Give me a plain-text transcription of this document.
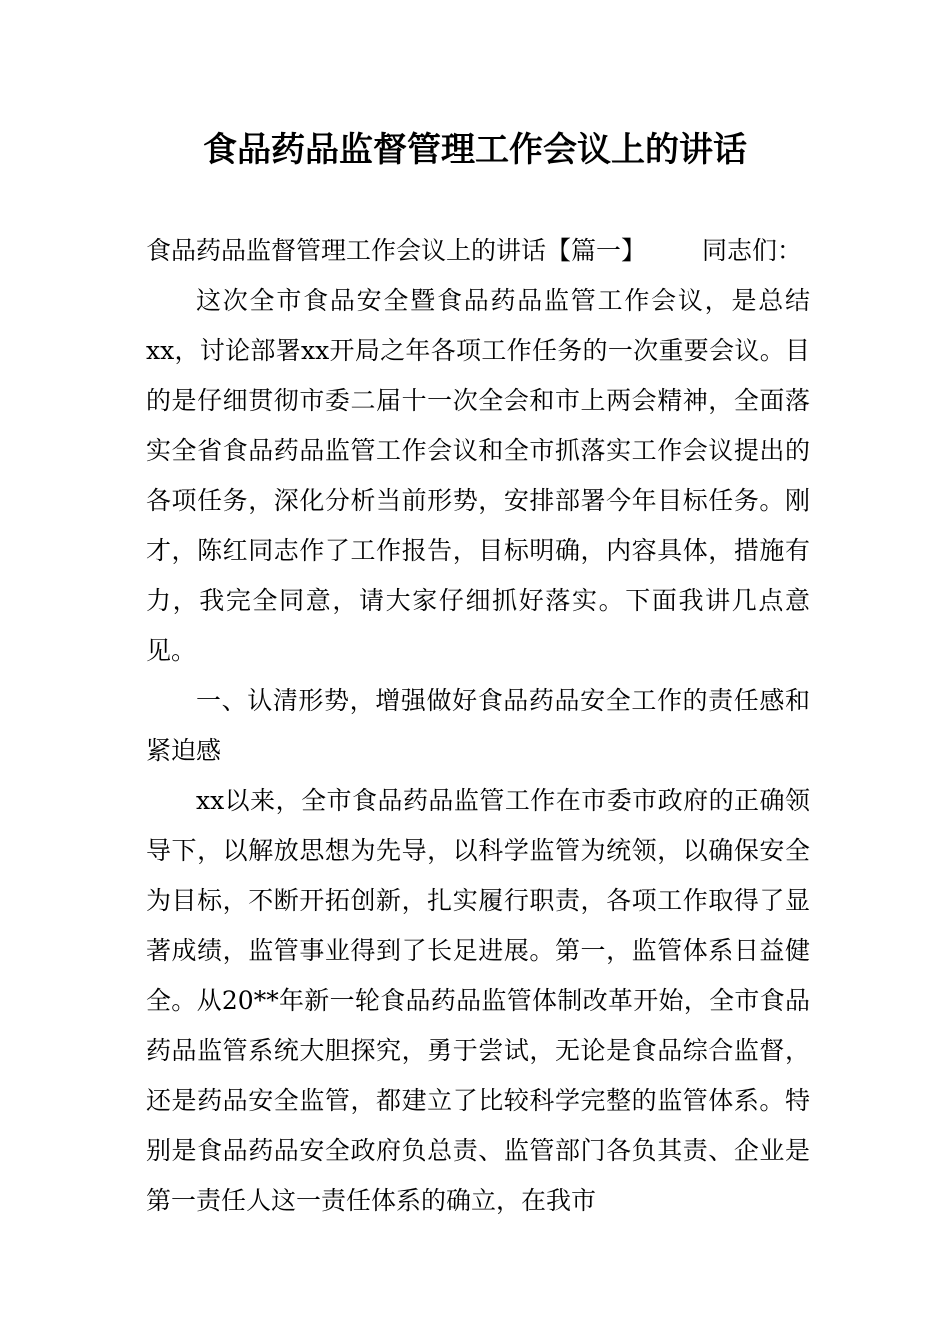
食品药品监督管理工作会议上的讲话

食品药品监督管理工作会议上的讲话【篇一】 同志们：

这次全市食品安全暨食品药品监管工作会议，是总结xx，讨论部署xx开局之年各项工作任务的一次重要会议。目的是仔细贯彻市委二届十一次全会和市上两会精神，全面落实全省食品药品监管工作会议和全市抓落实工作会议提出的各项任务，深化分析当前形势，安排部署今年目标任务。刚才，陈红同志作了工作报告，目标明确，内容具体，措施有力，我完全同意，请大家仔细抓好落实。下面我讲几点意见。

一、认清形势，增强做好食品药品安全工作的责任感和紧迫感

xx以来，全市食品药品监管工作在市委市政府的正确领导下，以解放思想为先导，以科学监管为统领，以确保安全为目标，不断开拓创新，扎实履行职责，各项工作取得了显著成绩，监管事业得到了长足进展。第一，监管体系日益健全。从20**年新一轮食品药品监管体制改革开始，全市食品药品监管系统大胆探究，勇于尝试，无论是食品综合监督，还是药品安全监管，都建立了比较科学完整的监管体系。特别是食品药品安全政府负总责、监管部门各负其责、企业是第一责任人这一责任体系的确立，在我市
